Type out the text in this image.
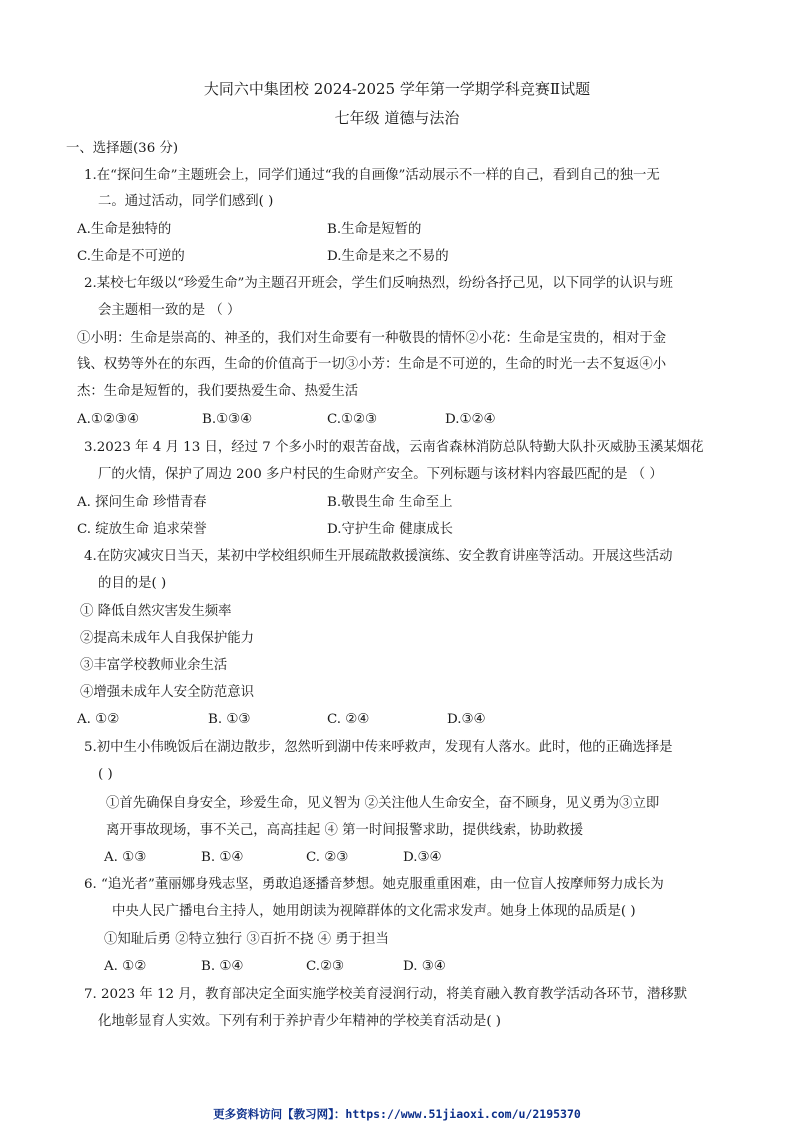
大同六中集团校 2024-2025 学年第一学期学科竞赛Ⅱ试题
七年级 道德与法治
一、选择题(36 分)
1.在“探问生命”主题班会上，同学们通过“我的自画像”活动展示不一样的自己，看到自己的独一无
二。通过活动，同学们感到( )
A.生命是独特的	B.生命是短暂的
C.生命是不可逆的	D.生命是来之不易的
2.某校七年级以“珍爱生命”为主题召开班会，学生们反响热烈，纷纷各抒己见，以下同学的认识与班
会主题相一致的是 （ ）
①小明：生命是崇高的、神圣的，我们对生命要有一种敬畏的情怀②小花：生命是宝贵的，相对于金
钱、权势等外在的东西，生命的价值高于一切③小芳：生命是不可逆的，生命的时光一去不复返④小
杰：生命是短暂的，我们要热爱生命、热爱生活
A.①②③④	B.①③④	C.①②③	D.①②④
3.2023 年 4 月 13 日，经过 7 个多小时的艰苦奋战，云南省森林消防总队特勤大队扑灭威胁玉溪某烟花
厂的火情，保护了周边 200 多户村民的生命财产安全。下列标题与该材料内容最匹配的是 （ ）
A. 探问生命 珍惜青春	B.敬畏生命 生命至上
C. 绽放生命 追求荣誉	D.守护生命 健康成长
4.在防灾减灾日当天，某初中学校组织师生开展疏散救援演练、安全教育讲座等活动。开展这些活动
的目的是( )
① 降低自然灾害发生频率
②提高未成年人自我保护能力
③丰富学校教师业余生活
④增强未成年人安全防范意识
A. ①②	B. ①③	C. ②④	D.③④
5.初中生小伟晚饭后在湖边散步，忽然听到湖中传来呼救声，发现有人落水。此时，他的正确选择是
( )
①首先确保自身安全，珍爱生命，见义智为 ②关注他人生命安全，奋不顾身，见义勇为③立即
离开事故现场，事不关己，高高挂起 ④ 第一时间报警求助，提供线索，协助救援
A. ①③	B. ①④	C. ②③	D.③④
6. “追光者”董丽娜身残志坚，勇敢追逐播音梦想。她克服重重困难，由一位盲人按摩师努力成长为
中央人民广播电台主持人，她用朗读为视障群体的文化需求发声。她身上体现的品质是( )
①知耻后勇 ②特立独行 ③百折不挠 ④ 勇于担当
A. ①②	B. ①④	C.②③	D. ③④
7. 2023 年 12 月，教育部决定全面实施学校美育浸润行动，将美育融入教育教学活动各环节，潜移默
化地彰显育人实效。下列有利于养护青少年精神的学校美育活动是( )
更多资料访问【教习网】：https://www.51jiaoxi.com/u/2195370
